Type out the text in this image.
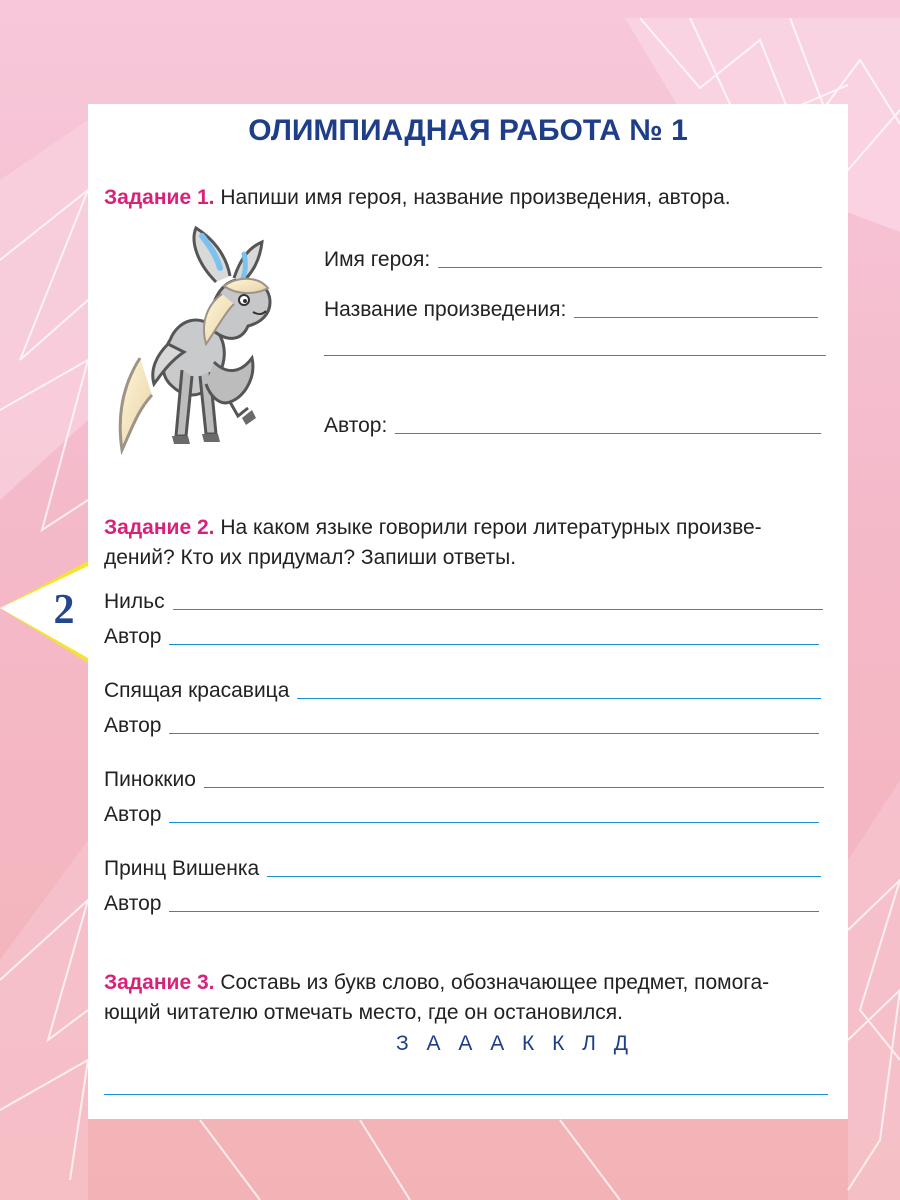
2
ОЛИМПИАДНАЯ РАБОТА № 1
Задание 1. Напиши имя героя, название произведения, автора.
Имя героя:
Название произведения:
Автор:
Задание 2. На каком языке говорили герои литературных произве-
дений? Кто их придумал? Запиши ответы.
Нильс
Автор
Спящая красавица
Автор
Пиноккио
Автор
Принц Вишенка
Автор
Задание 3. Составь из букв слово, обозначающее предмет, помога-
ющий читателю отмечать место, где он остановился.
З А А А К К Л Д
